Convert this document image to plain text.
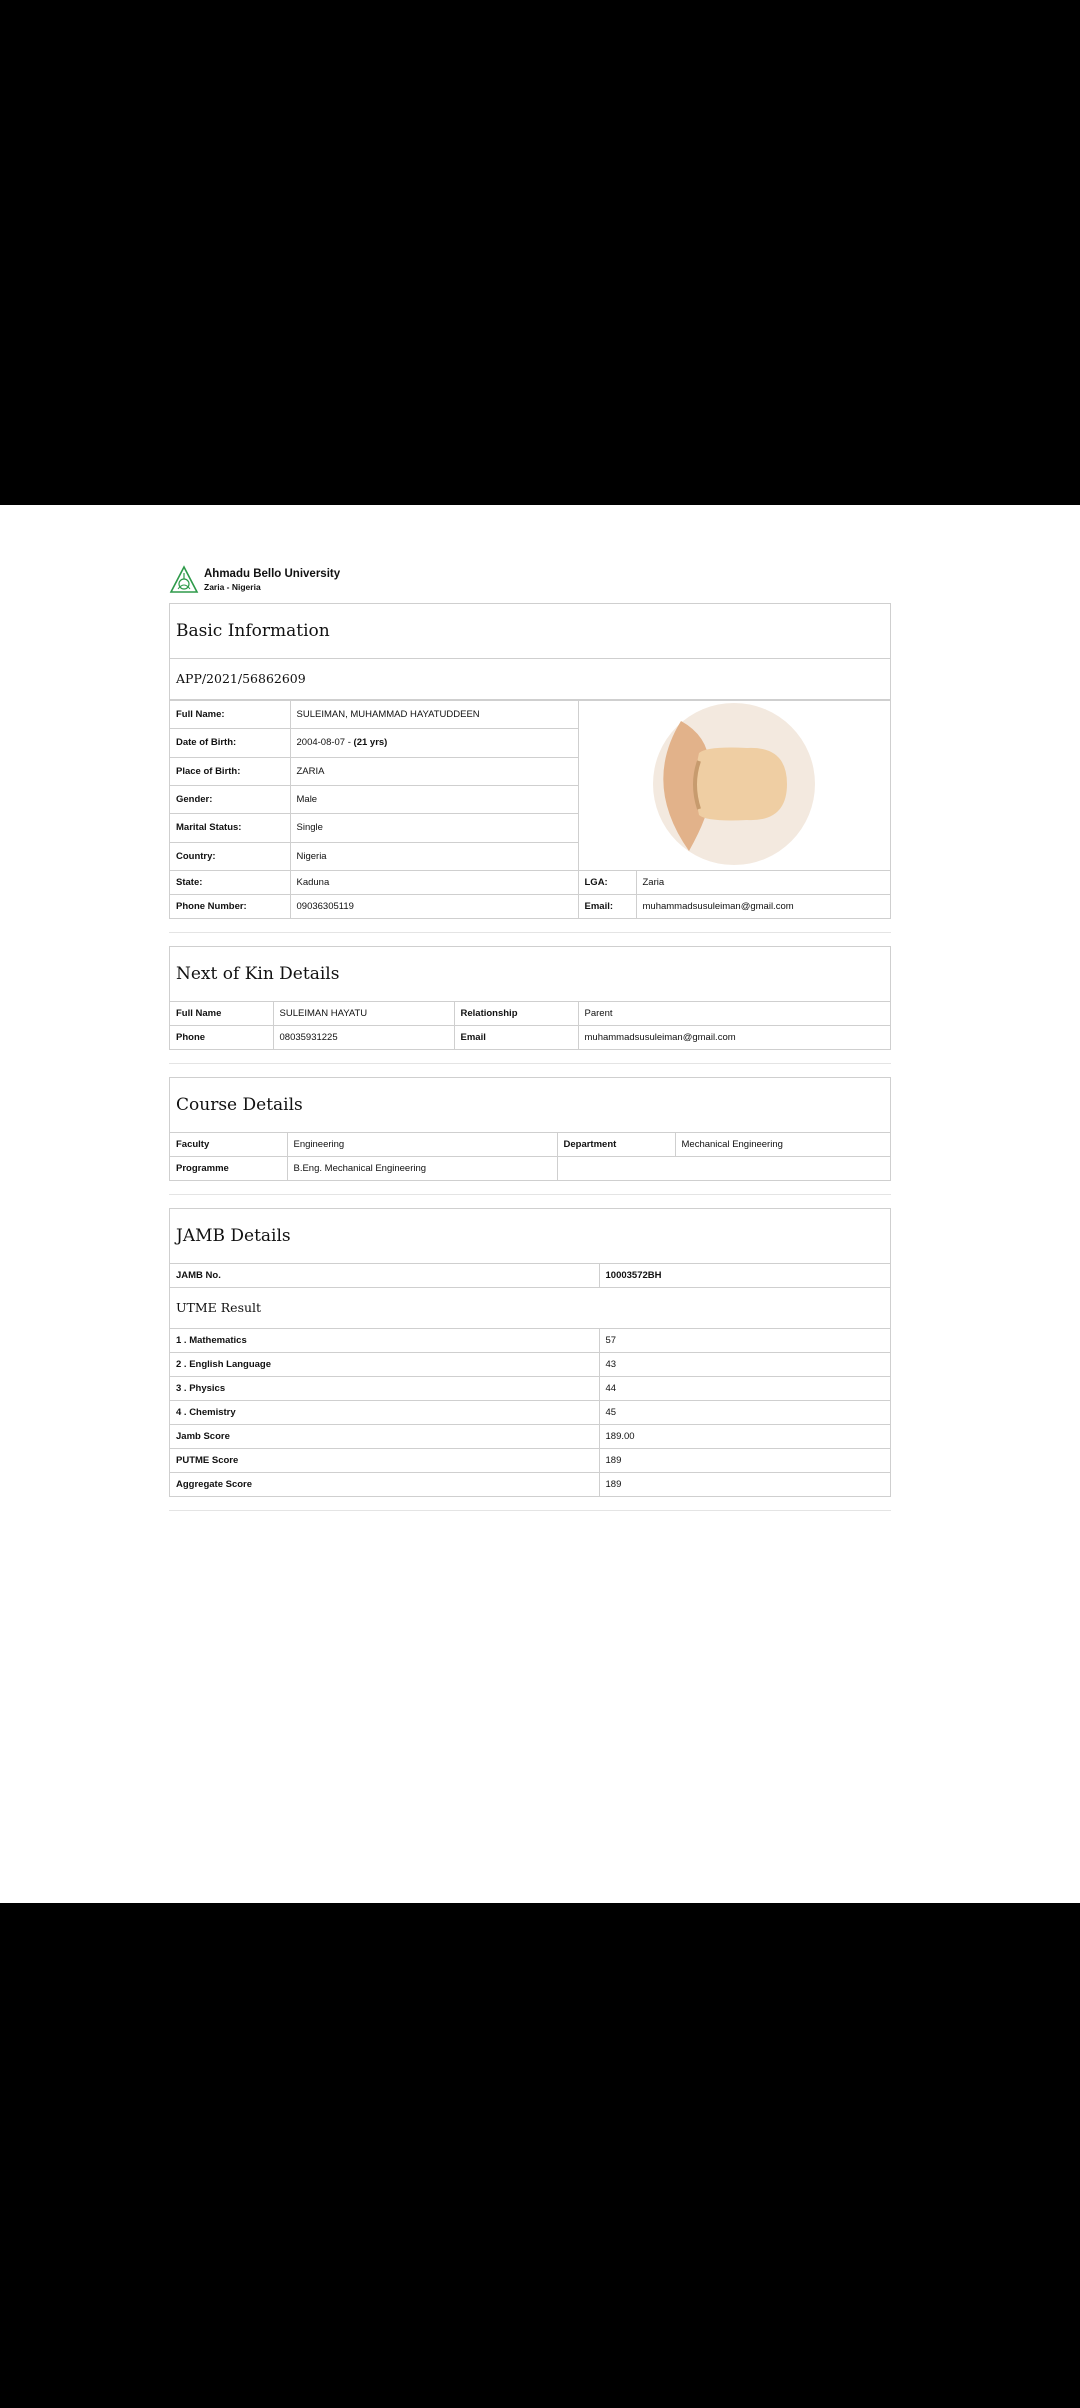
Ahmadu Bello University
Zaria - Nigeria
Basic Information
APP/2021/56862609
Full Name:	SULEIMAN, MUHAMMAD HAYATUDDEEN	
Date of Birth:	2004-08-07 - (21 yrs)		
Place of Birth:	ZARIA		
Gender:	Male		
Marital Status:	Single		
Country:	Nigeria		
State:	Kaduna	LGA:	Zaria
Phone Number:	09036305119	Email:	muhammadsusuleiman@gmail.com
Next of Kin Details
Full Name	SULEIMAN HAYATU	Relationship	Parent
Phone	08035931225	Email	muhammadsusuleiman@gmail.com
Course Details
Faculty	Engineering	Department	Mechanical Engineering
Programme	B.Eng. Mechanical Engineering		
JAMB Details
JAMB No.	10003572BH
UTME Result
1 . Mathematics	57
2 . English Language	43
3 . Physics	44
4 . Chemistry	45
Jamb Score	189.00
PUTME Score	189
Aggregate Score	189
